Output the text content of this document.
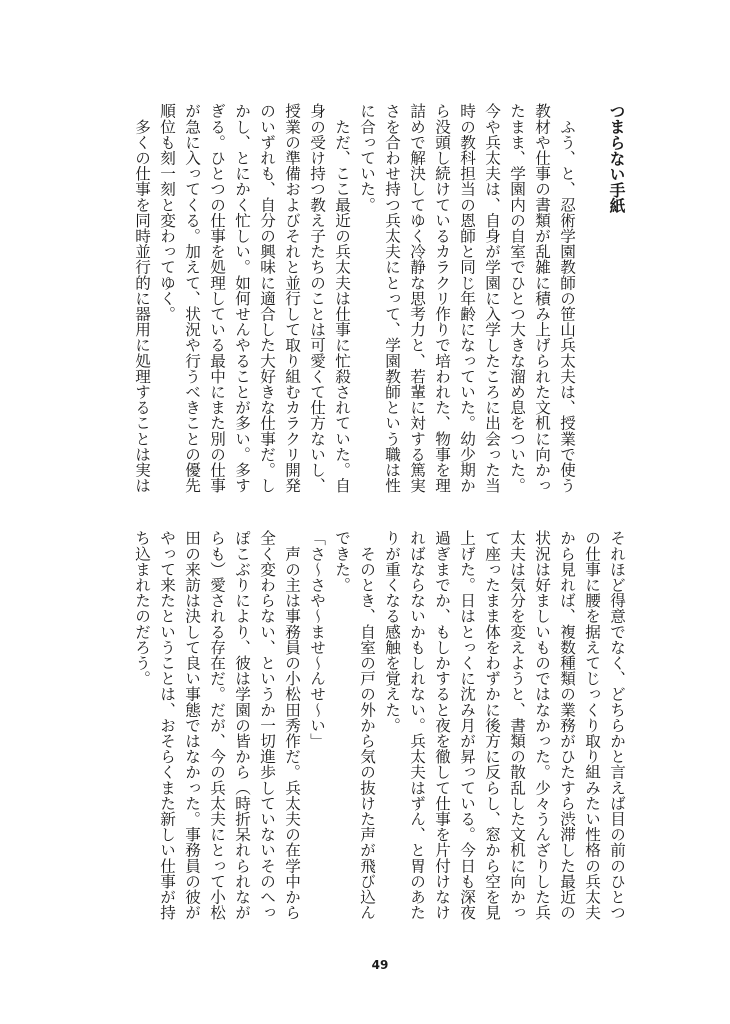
つまらない手紙
　ふう、と、忍術学園教師の笹山兵太夫は、授業で使う
教材や仕事の書類が乱雑に積み上げられた文机に向かっ
たまま、学園内の自室でひとつ大きな溜め息をついた。
今や兵太夫は、自身が学園に入学したころに出会った当
時の教科担当の恩師と同じ年齢になっていた。幼少期か
ら没頭し続けているカラクリ作りで培われた、物事を理
詰めで解決してゆく冷静な思考力と、若輩に対する篤実
さを合わせ持つ兵太夫にとって、学園教師という職は性
に合っていた。
　ただ、ここ最近の兵太夫は仕事に忙殺されていた。自
身の受け持つ教え子たちのことは可愛くて仕方ないし、
授業の準備およびそれと並行して取り組むカラクリ開発
のいずれも、自分の興味に適合した大好きな仕事だ。し
かし、とにかく忙しい。如何せんやることが多い。多す
ぎる。ひとつの仕事を処理している最中にまた別の仕事
が急に入ってくる。加えて、状況や行うべきことの優先
順位も刻一刻と変わってゆく。
　多くの仕事を同時並行的に器用に処理することは実は
それほど得意でなく、どちらかと言えば目の前のひとつ
の仕事に腰を据えてじっくり取り組みたい性格の兵太夫
から見れば、複数種類の業務がひたすら渋滞した最近の
状況は好ましいものではなかった。少々うんざりした兵
太夫は気分を変えようと、書類の散乱した文机に向かっ
て座ったまま体をわずかに後方に反らし、窓から空を見
上げた。日はとっくに沈み月が昇っている。今日も深夜
過ぎまでか、もしかすると夜を徹して仕事を片付けなけ
ればならないかもしれない。兵太夫はずん、と胃のあた
りが重くなる感触を覚えた。
　そのとき、自室の戸の外から気の抜けた声が飛び込ん
できた。
「さ～さや～ませ～んせ～い」
　声の主は事務員の小松田秀作だ。兵太夫の在学中から
全く変わらない、というか一切進歩していないそのへっ
ぽこぶりにより、彼は学園の皆から（時折呆れられなが
らも）愛される存在だ。だが、今の兵太夫にとって小松
田の来訪は決して良い事態ではなかった。事務員の彼が
やって来たということは、おそらくまた新しい仕事が持
ち込まれたのだろう。
49
